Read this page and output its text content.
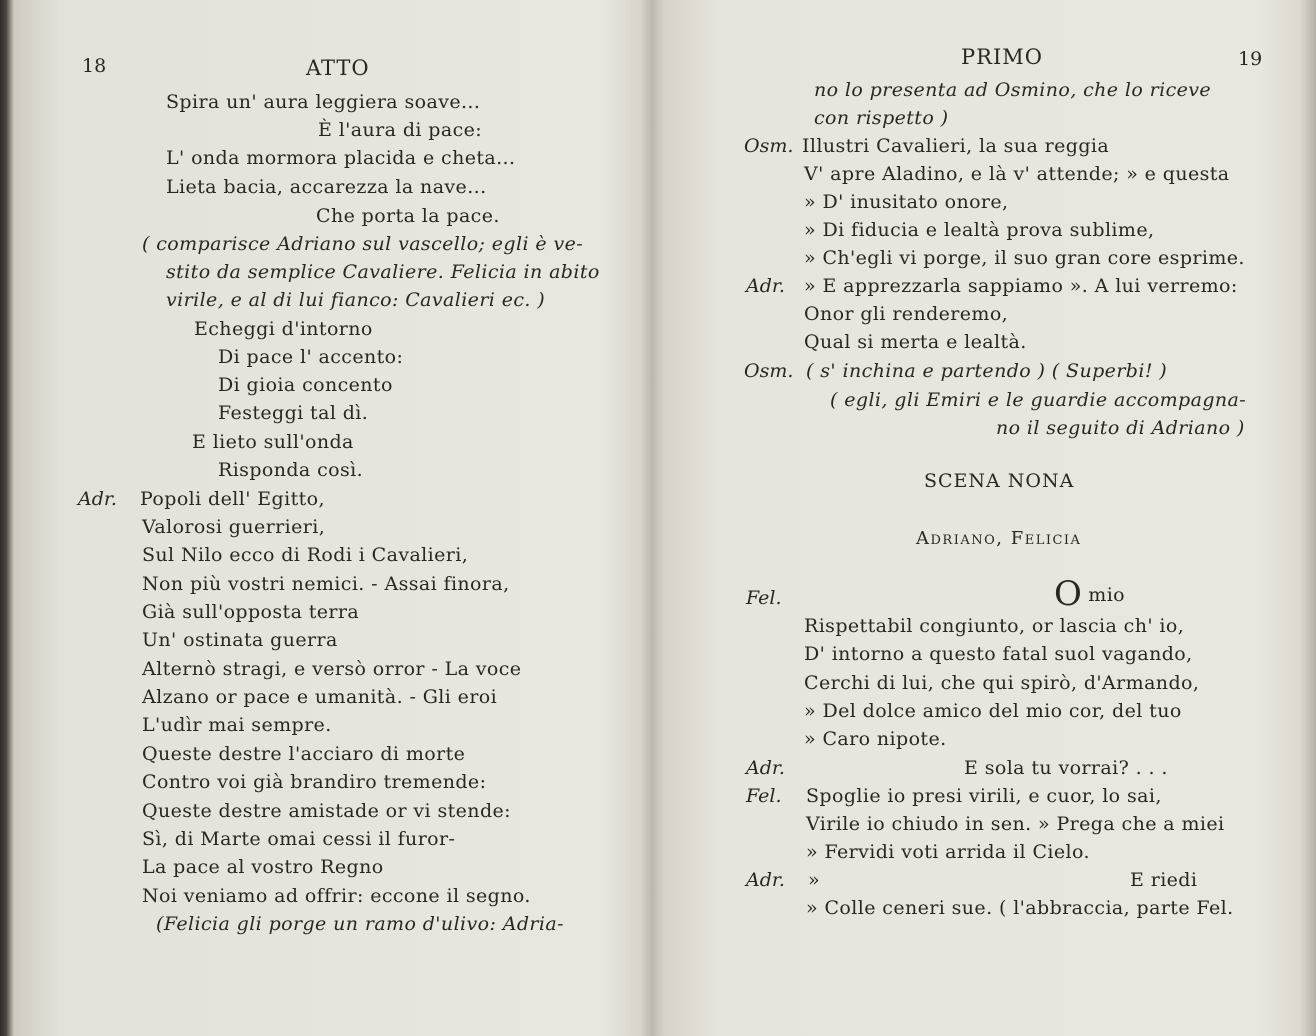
18	ATTO
Spira un' aura leggiera soave...
È l'aura di pace:
L' onda mormora placida e cheta...
Lieta bacia, accarezza la nave...
Che porta la pace.
( comparisce Adriano sul vascello; egli è ve-
stito da semplice Cavaliere. Felicia in abito
virile, e al di lui fianco: Cavalieri ec. )
Echeggi d'intorno
Di pace l' accento:
Di gioia concento
Festeggi tal dì.
E lieto sull'onda
Risponda così.
Adr. Popoli dell' Egitto,
Valorosi guerrieri,
Sul Nilo ecco di Rodi i Cavalieri,
Non più vostri nemici. - Assai finora,
Già sull'opposta terra
Un' ostinata guerra
Alternò stragi, e versò orror - La voce
Alzano or pace e umanità. - Gli eroi
L'udìr mai sempre.
Queste destre l'acciaro di morte
Contro voi già brandiro tremende:
Queste destre amistade or vi stende:
Sì, di Marte omai cessi il furor-
La pace al vostro Regno
Noi veniamo ad offrir: eccone il segno.
(Felicia gli porge un ramo d'ulivo: Adria-
PRIMO	19
no lo presenta ad Osmino, che lo riceve
con rispetto )
Osm. Illustri Cavalieri, la sua reggia
V' apre Aladino, e là v' attende; » e questa
» D' inusitato onore,
» Di fiducia e lealtà prova sublime,
» Ch'egli vi porge, il suo gran core esprime.
Adr. » E apprezzarla sappiamo ». A lui verremo:
Onor gli renderemo,
Qual si merta e lealtà.
Osm. ( s' inchina e partendo ) ( Superbi! )
( egli, gli Emiri e le guardie accompagna-
no il seguito di Adriano )
SCENA NONA
Adriano, Felicia
Fel.	Omio
Rispettabil congiunto, or lascia ch' io,
D' intorno a questo fatal suol vagando,
Cerchi di lui, che qui spirò, d'Armando,
» Del dolce amico del mio cor, del tuo
» Caro nipote.
Adr.	E sola tu vorrai? . . .
Fel. Spoglie io presi virili, e cuor, lo sai,
Virile io chiudo in sen. » Prega che a miei
» Fervidi voti arrida il Cielo.
Adr. »	E riedi
» Colle ceneri sue. ( l'abbraccia, parte Fel.
